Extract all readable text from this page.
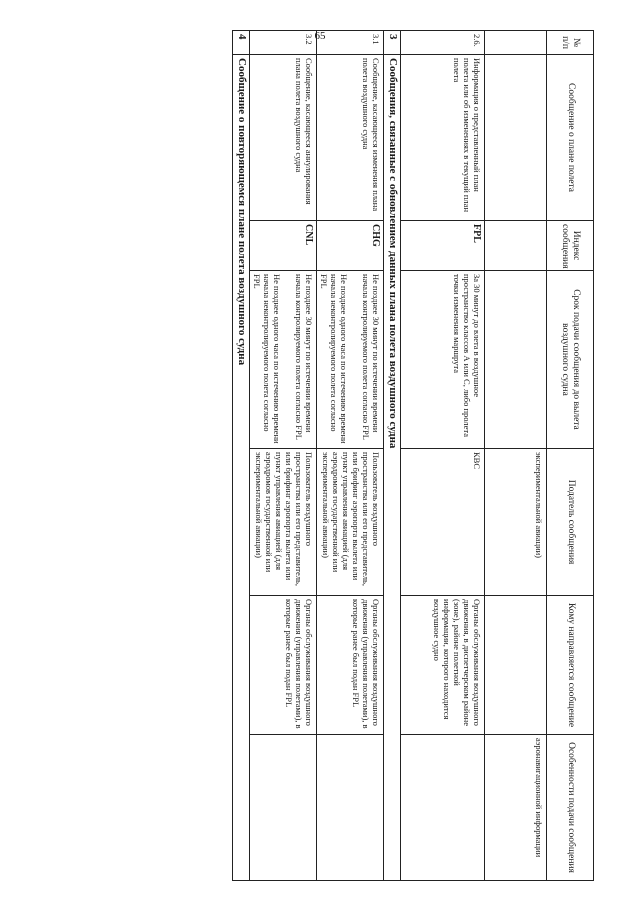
65
№ п/п	Сообщение о плане полета	Индекс сообщения	Срок подачи сообщения до вылета воздушного судна	Податель сообщения	Кому направляется сообщение	Особенности подачи сообщения
				экспериментальной авиации)		аэронавигационной информации
2.6.	Информация о представленный план полета или об изменениях в текущий план полета	FPL	За 30 минут до влета в воздушное пространство классов А или С, либо пролета точки изменения маршрута	КВС	Органы обслуживания воздушного движения, в диспетчерском районе (зоне), районе полетной информации, которого находится воздушное судно	
3	Сообщения, связанные с обновлением данных плана полета воздушного судна					
3.1	Сообщение, касающееся изменения плана полета воздушного судна	CHG	Не позднее 30 минут по истечении времени начала контролируемого полета согласно FPL
Не позднее одного часа по истечению времени начала неконтролируемого полета согласно FPL	Пользователь воздушного пространства или его представитель, или брифинг аэропорта вылета или пункт управления авиацией (для аэродромов государственной или экспериментальной авиации)	Органы обслуживания воздушного движения (управления полетами), в которые ранее был подан FPL	
3.2	Сообщение, касающееся аннулирования плана полета воздушного судна	CNL	Не позднее 30 минут по истечении времени начала контролируемого полета согласно FPL
Не позднее одного часа по истечению времени начала неконтролируемого полета согласно FPL	Пользователь воздушного пространства или его представитель, или брифинг аэропорта вылета или пункт управления авиацией (для аэродромов государственной или экспериментальной авиации)	Органы обслуживания воздушного движения (управления полетами), в которые ранее был подан FPL	
4	Сообщение о повторяющемся плане полета воздушного судна					
